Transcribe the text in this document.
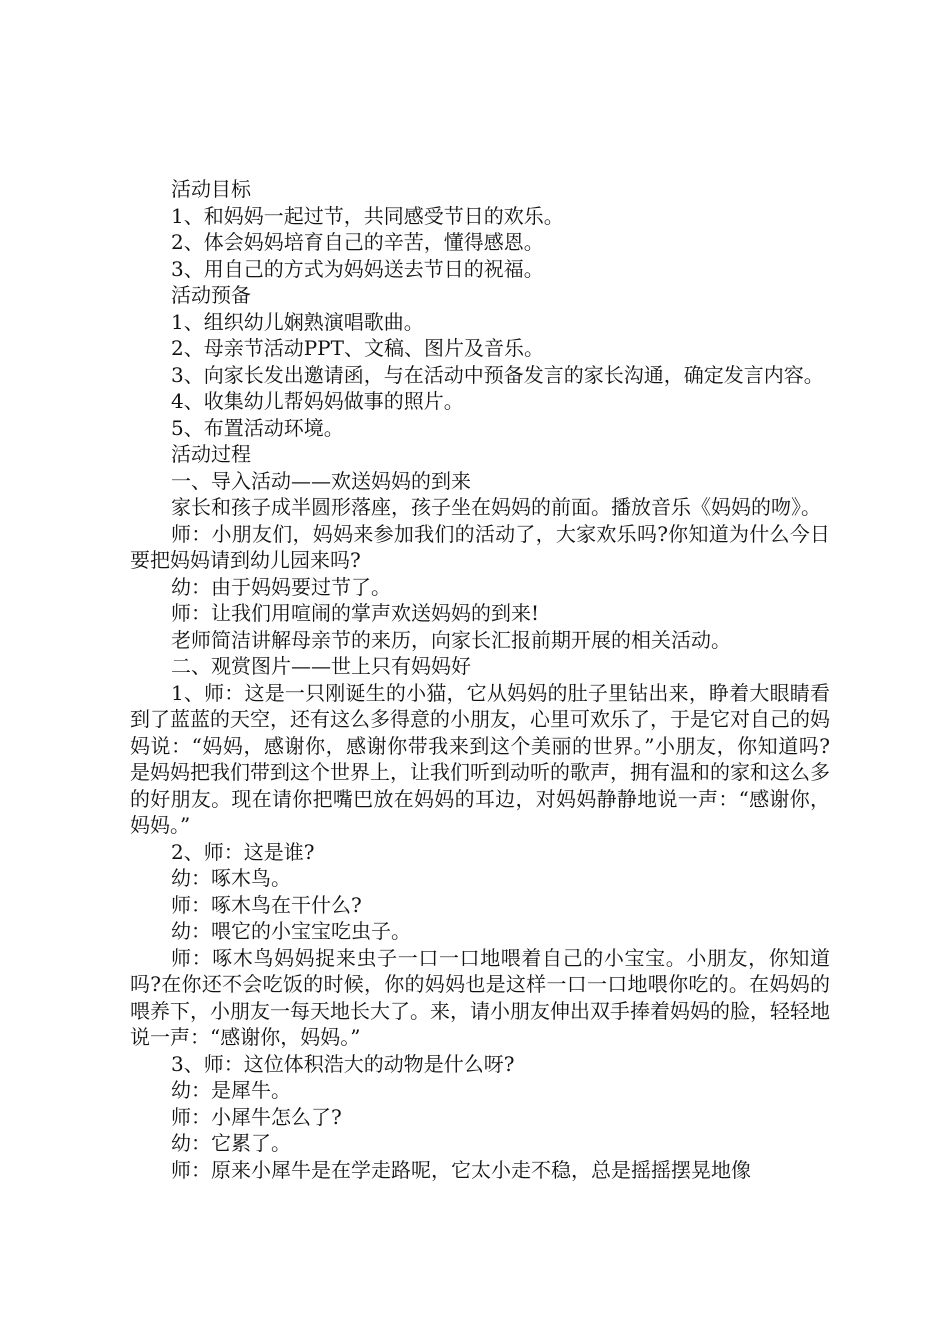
活动目标

1、和妈妈一起过节，共同感受节日的欢乐。

2、体会妈妈培育自己的辛苦，懂得感恩。

3、用自己的方式为妈妈送去节日的祝福。

活动预备

1、组织幼儿娴熟演唱歌曲。

2、母亲节活动PPT、文稿、图片及音乐。

3、向家长发出邀请函，与在活动中预备发言的家长沟通，确定发言内容。

4、收集幼儿帮妈妈做事的照片。

5、布置活动环境。

活动过程

一、导入活动——欢送妈妈的到来

家长和孩子成半圆形落座，孩子坐在妈妈的前面。播放音乐《妈妈的吻》。

师：小朋友们，妈妈来参加我们的活动了，大家欢乐吗?你知道为什么今日要把妈妈请到幼儿园来吗?

幼：由于妈妈要过节了。

师：让我们用喧闹的掌声欢送妈妈的到来!

老师简洁讲解母亲节的来历，向家长汇报前期开展的相关活动。

二、观赏图片——世上只有妈妈好

1、师：这是一只刚诞生的小猫，它从妈妈的肚子里钻出来，睁着大眼睛看到了蓝蓝的天空，还有这么多得意的小朋友，心里可欢乐了，于是它对自己的妈妈说：“妈妈，感谢你，感谢你带我来到这个美丽的世界。”小朋友，你知道吗?是妈妈把我们带到这个世界上，让我们听到动听的歌声，拥有温和的家和这么多的好朋友。现在请你把嘴巴放在妈妈的耳边，对妈妈静静地说一声：“感谢你，妈妈。”

2、师：这是谁?

幼：啄木鸟。

师：啄木鸟在干什么?

幼：喂它的小宝宝吃虫子。

师：啄木鸟妈妈捉来虫子一口一口地喂着自己的小宝宝。小朋友，你知道吗?在你还不会吃饭的时候，你的妈妈也是这样一口一口地喂你吃的。在妈妈的喂养下，小朋友一每天地长大了。来，请小朋友伸出双手捧着妈妈的脸，轻轻地说一声：“感谢你，妈妈。”

3、师：这位体积浩大的动物是什么呀?

幼：是犀牛。

师：小犀牛怎么了?

幼：它累了。

师：原来小犀牛是在学走路呢，它太小走不稳，总是摇摇摆晃地像
